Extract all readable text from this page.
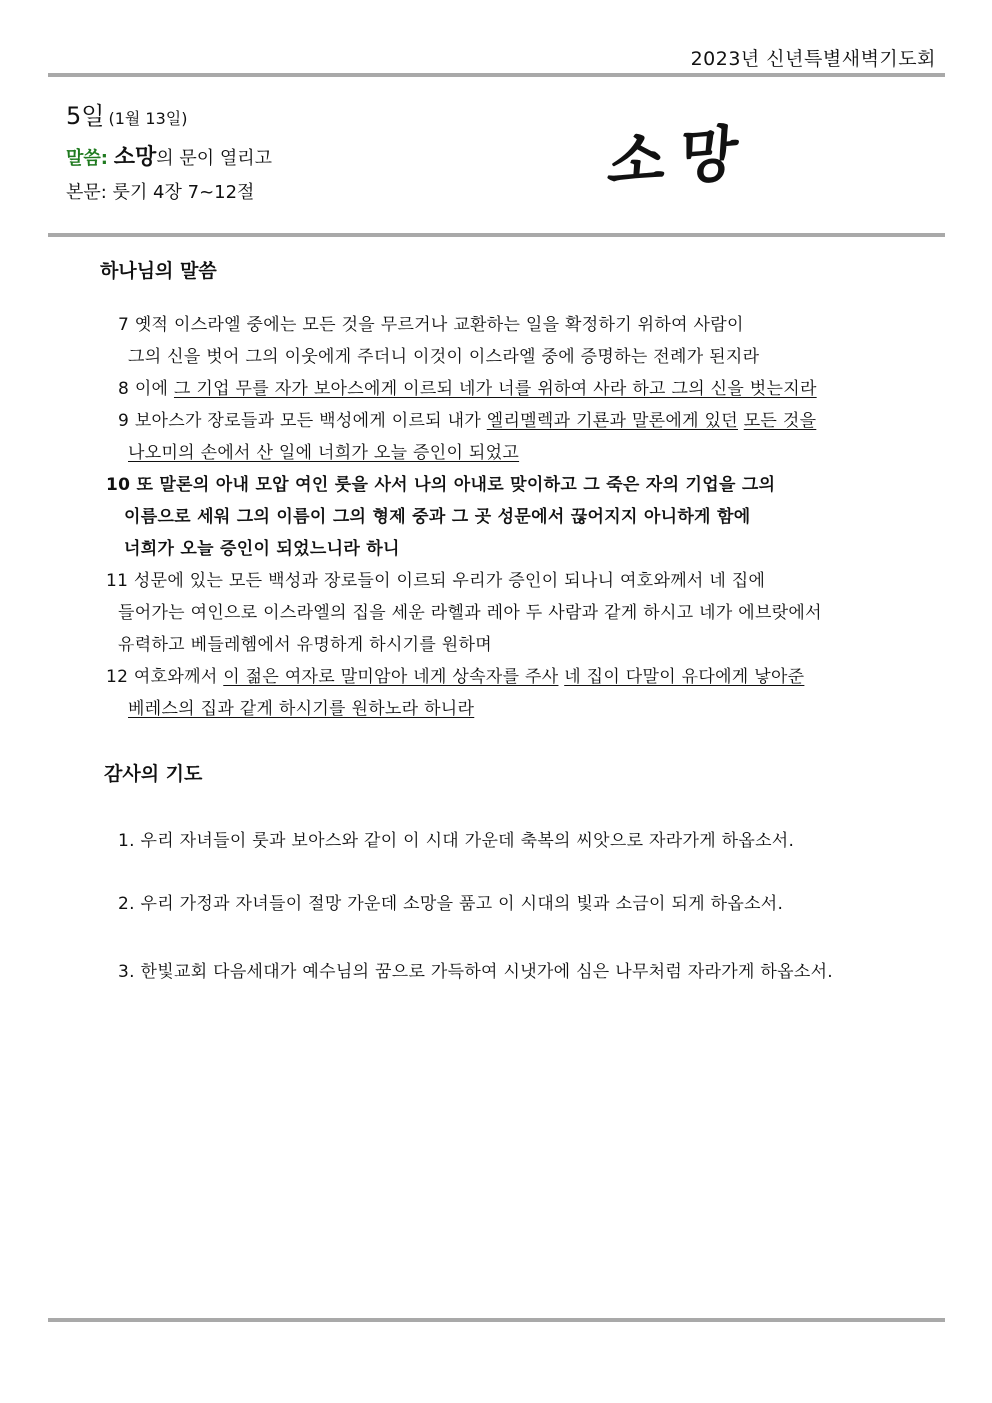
2023년 신년특별새벽기도회
5일 (1월 13일)
말씀: 소망의 문이 열리고
본문: 룻기 4장 7~12절	소망
하나님의 말씀
7 옛적 이스라엘 중에는 모든 것을 무르거나 교환하는 일을 확정하기 위하여 사람이
그의 신을 벗어 그의 이웃에게 주더니 이것이 이스라엘 중에 증명하는 전례가 된지라
8 이에 그 기업 무를 자가 보아스에게 이르되 네가 너를 위하여 사라 하고 그의 신을 벗는지라
9 보아스가 장로들과 모든 백성에게 이르되 내가 엘리멜렉과 기룐과 말론에게 있던 모든 것을
나오미의 손에서 산 일에 너희가 오늘 증인이 되었고
10 또 말론의 아내 모압 여인 룻을 사서 나의 아내로 맞이하고 그 죽은 자의 기업을 그의
이름으로 세워 그의 이름이 그의 형제 중과 그 곳 성문에서 끊어지지 아니하게 함에
너희가 오늘 증인이 되었느니라 하니
11 성문에 있는 모든 백성과 장로들이 이르되 우리가 증인이 되나니 여호와께서 네 집에
들어가는 여인으로 이스라엘의 집을 세운 라헬과 레아 두 사람과 같게 하시고 네가 에브랏에서
유력하고 베들레헴에서 유명하게 하시기를 원하며
12 여호와께서 이 젊은 여자로 말미암아 네게 상속자를 주사 네 집이 다말이 유다에게 낳아준
베레스의 집과 같게 하시기를 원하노라 하니라
감사의 기도
1. 우리 자녀들이 룻과 보아스와 같이 이 시대 가운데 축복의 씨앗으로 자라가게 하옵소서.
2. 우리 가정과 자녀들이 절망 가운데 소망을 품고 이 시대의 빛과 소금이 되게 하옵소서.
3. 한빛교회 다음세대가 예수님의 꿈으로 가득하여 시냇가에 심은 나무처럼 자라가게 하옵소서.
